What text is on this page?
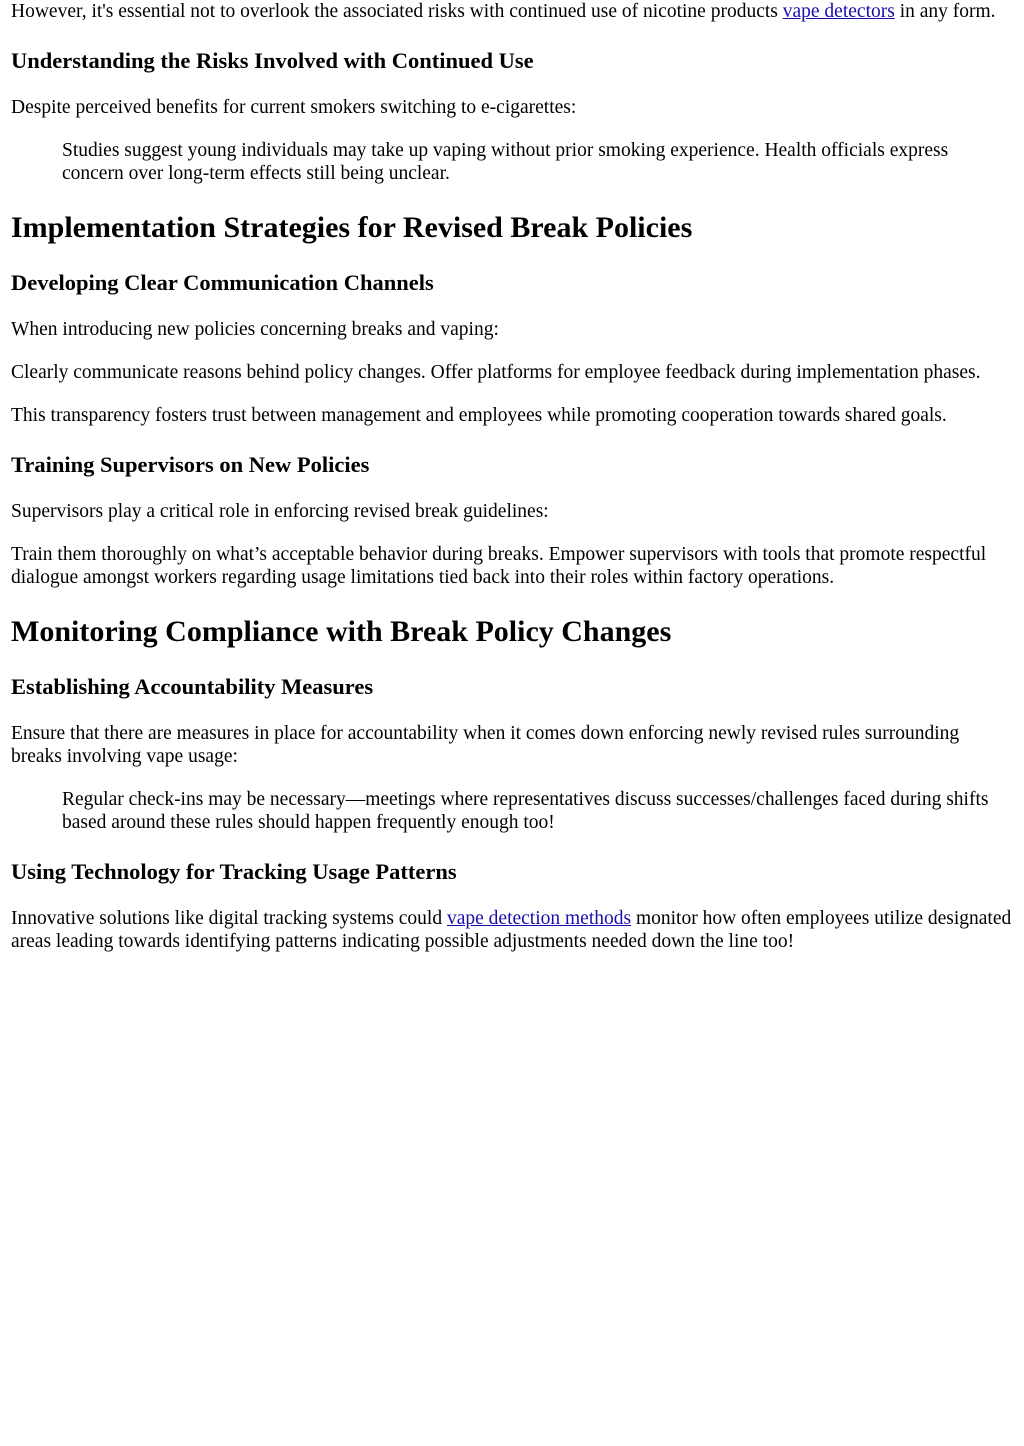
However, it's essential not to overlook the associated risks with continued use of nicotine products vape detectors in any form.

Understanding the Risks Involved with Continued Use

Despite perceived benefits for current smokers switching to e-cigarettes:

Studies suggest young individuals may take up vaping without prior smoking experience. Health officials express concern over long-term effects still being unclear.
Implementation Strategies for Revised Break Policies
Developing Clear Communication Channels

When introducing new policies concerning breaks and vaping:

Clearly communicate reasons behind policy changes. Offer platforms for employee feedback during implementation phases.

This transparency fosters trust between management and employees while promoting cooperation towards shared goals.

Training Supervisors on New Policies

Supervisors play a critical role in enforcing revised break guidelines:

Train them thoroughly on what’s acceptable behavior during breaks. Empower supervisors with tools that promote respectful dialogue amongst workers regarding usage limitations tied back into their roles within factory operations.

Monitoring Compliance with Break Policy Changes
Establishing Accountability Measures

Ensure that there are measures in place for accountability when it comes down enforcing newly revised rules surrounding breaks involving vape usage:

Regular check-ins may be necessary—meetings where representatives discuss successes/challenges faced during shifts based around these rules should happen frequently enough too!
Using Technology for Tracking Usage Patterns

Innovative solutions like digital tracking systems could vape detection methods monitor how often employees utilize designated areas leading towards identifying patterns indicating possible adjustments needed down the line too!
